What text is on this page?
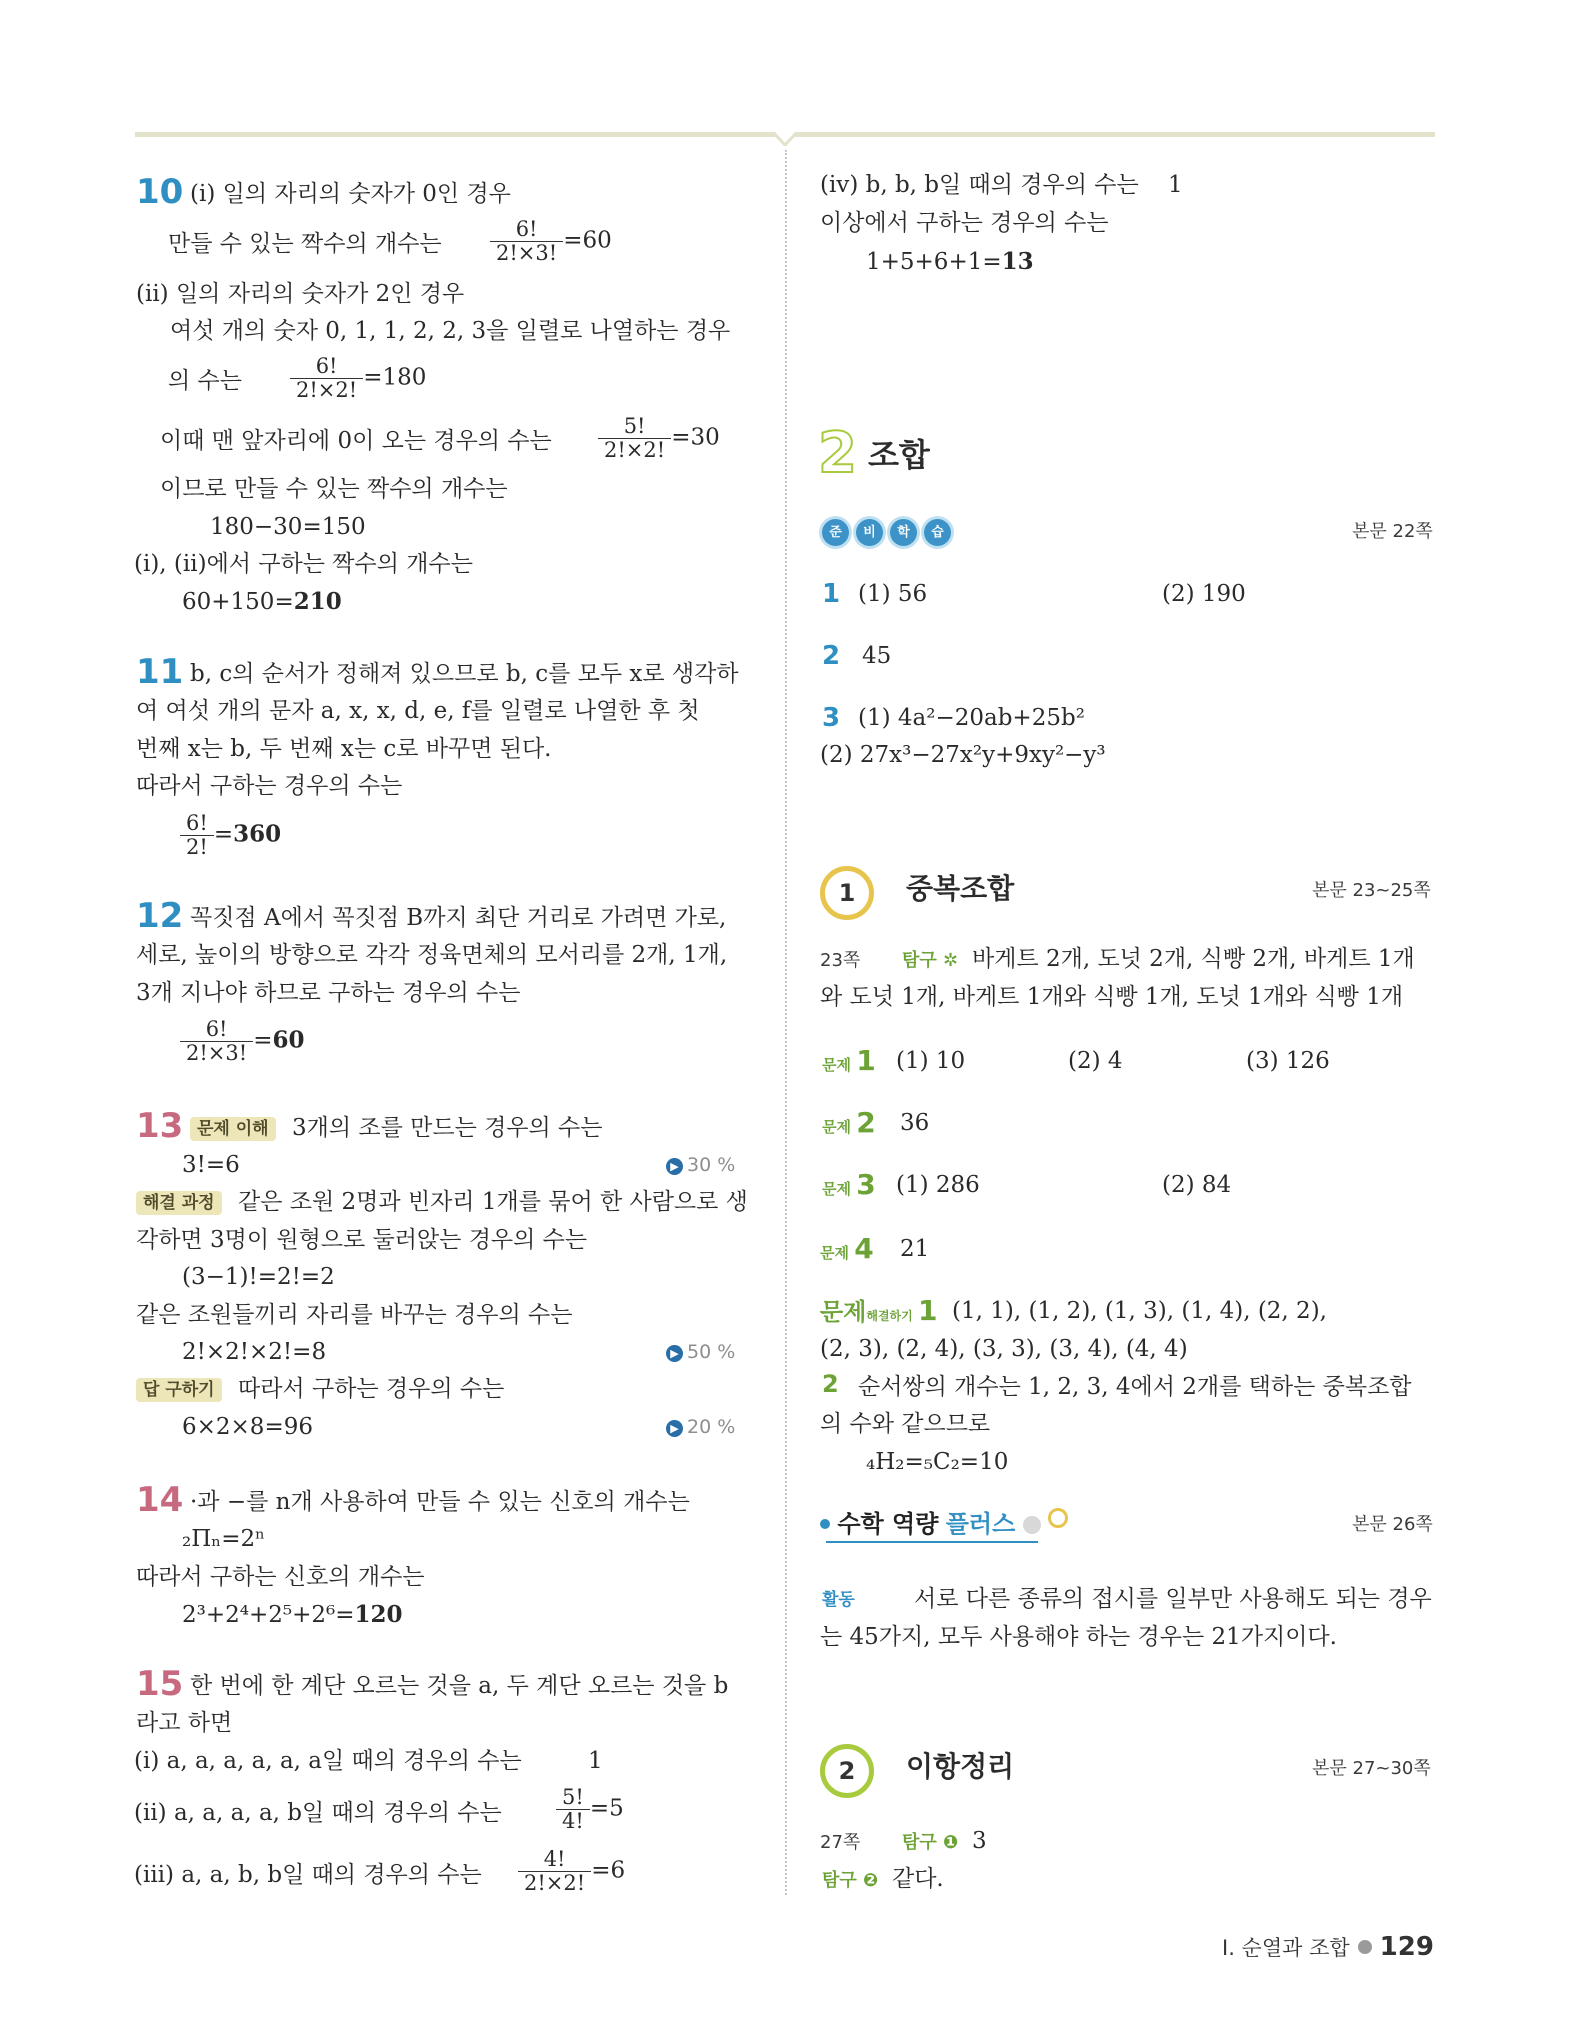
10 (ⅰ) 일의 자리의 숫자가 0인 경우
만들 수 있는 짝수의 개수는 $\frac{6!}{2!\times 3!} =60$
(ⅱ) 일의 자리의 숫자가 2인 경우
여섯 개의 숫자 0, 1, 1, 2, 2, 3을 일렬로 나열하는 경우
의 수는 $\frac{6!}{2!\times 2!} =180$
이때 맨 앞자리에 0이 오는 경우의 수는 $\frac{5!}{2!\times 2!} =30$
이므로 만들 수 있는 짝수의 개수는
180−30=150
(ⅰ), (ⅱ)에서 구하는 짝수의 개수는
60+150=210
11 b, c의 순서가 정해져 있으므로 b, c를 모두 x로 생각하
여 여섯 개의 문자 a, x, x, d, e, f를 일렬로 나열한 후 첫
번째 x는 b, 두 번째 x는 c로 바꾸면 된다.
따라서 구하는 경우의 수는
$\frac{6!}{2!} =360$
12 꼭짓점 A에서 꼭짓점 B까지 최단 거리로 가려면 가로,
세로, 높이의 방향으로 각각 정육면체의 모서리를 2개, 1개,
3개 지나야 하므로 구하는 경우의 수는
$\frac{6!}{2!\times 3!} =60$
13 문제 이해	3개의 조를 만드는 경우의 수는
3!=6	▶ 30 %
해결 과정	같은 조원 2명과 빈자리 1개를 묶어 한 사람으로 생
각하면 3명이 원형으로 둘러앉는 경우의 수는
(3−1)!=2!=2
같은 조원들끼리 자리를 바꾸는 경우의 수는
2!×2!×2!=8	▶ 50 %
답 구하기	따라서 구하는 경우의 수는
6×2×8=96	▶ 20 %
14 ·과 −를 n개 사용하여 만들 수 있는 신호의 개수는
₂Πₙ=2ⁿ
따라서 구하는 신호의 개수는
2³+2⁴+2⁵+2⁶=120
15 한 번에 한 계단 오르는 것을 a, 두 계단 오르는 것을 b
라고 하면
(ⅰ) a, a, a, a, a, a일 때의 경우의 수는	1
(ⅱ) a, a, a, a, b일 때의 경우의 수는	$\frac{5!}{4!} =5$
(ⅲ) a, a, b, b일 때의 경우의 수는 $\frac{4!}{2!\times 2!} =6$
(ⅳ) b, b, b일 때의 경우의 수는 1
이상에서 구하는 경우의 수는
1+5+6+1=13
2 조합
준 비 학 습	본문 22쪽
1 (1) 56	(2) 190
2 45
3 (1) 4a²−20ab+25b²
(2) 27x³−27x²y+9xy²−y³
1	중복조합	본문 23~25쪽
23쪽 탐구 ✲ 바게트 2개, 도넛 2개, 식빵 2개, 바게트 1개
와 도넛 1개, 바게트 1개와 식빵 1개, 도넛 1개와 식빵 1개
문제 1 (1) 10	(2) 4	(3) 126
문제 2 36
문제 3 (1) 286	(2) 84
문제 4 21
문제해결하기 1 (1, 1), (1, 2), (1, 3), (1, 4), (2, 2),
(2, 3), (2, 4), (3, 3), (3, 4), (4, 4)
2 순서쌍의 개수는 1, 2, 3, 4에서 2개를 택하는 중복조합
의 수와 같으므로
₄H₂=₅C₂=10
수학 역량 플러스	본문 26쪽
활동	서로 다른 종류의 접시를 일부만 사용해도 되는 경우
는 45가지, 모두 사용해야 하는 경우는 21가지이다.
2	이항정리	본문 27~30쪽
27쪽 탐구 ❶ 3
탐구 ❷ 같다.
Ⅰ. 순열과 조합 129
